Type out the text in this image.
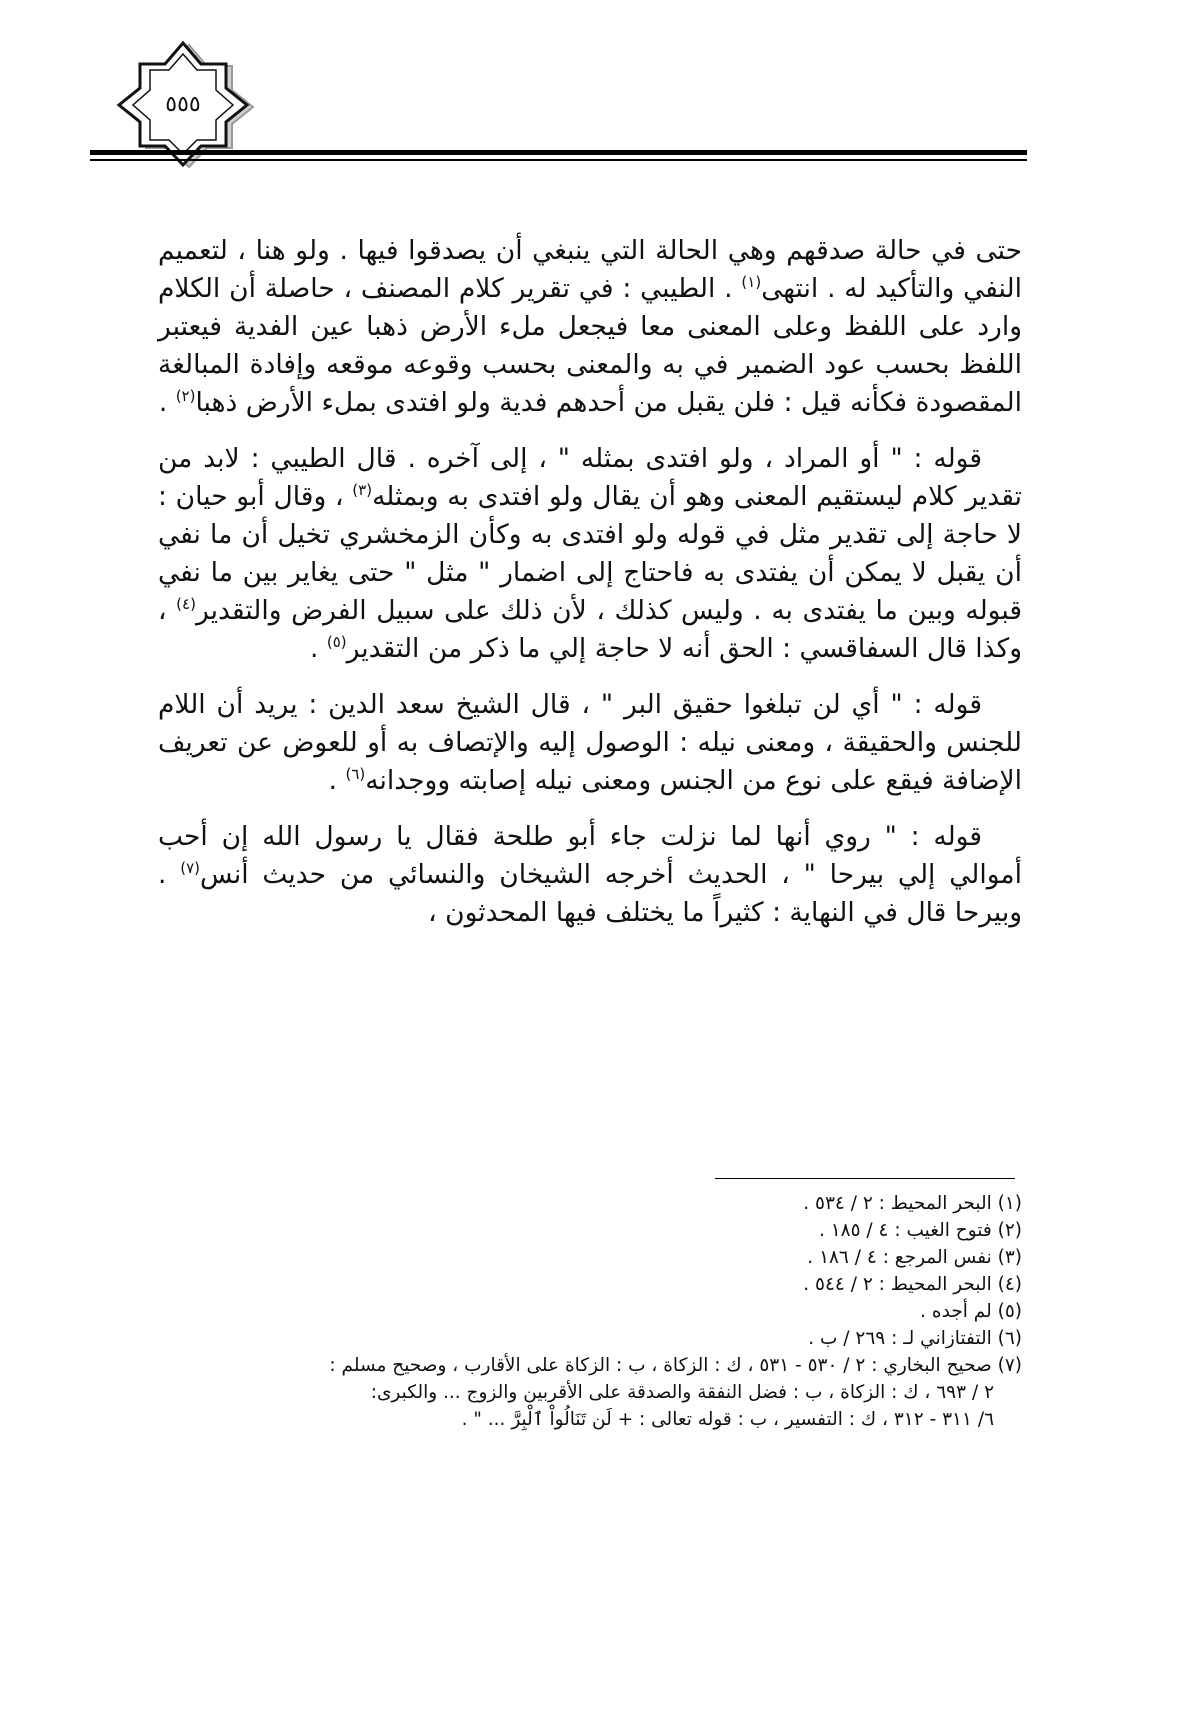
٥٥٥

حتى في حالة صدقهم وهي الحالة التي ينبغي أن يصدقوا فيها . ولو هنا ، لتعميم النفي والتأكيد له . انتهى$^{(١)}$ . الطيبي : في تقرير كلام المصنف ، حاصلة أن الكلام وارد على اللفظ وعلى المعنى معا فيجعل ملء الأرض ذهبا عين الفدية فيعتبر اللفظ بحسب عود الضمير في به والمعنى بحسب وقوعه موقعه وإفادة المبالغة المقصودة فكأنه قيل : فلن يقبل من أحدهم فدية ولو افتدى بملء الأرض ذهبا$^{(٢)}$ .

قوله : " أو المراد ، ولو افتدى بمثله " ، إلى آخره . قال الطيبي : لابد من تقدير كلام ليستقيم المعنى وهو أن يقال ولو افتدى به وبمثله$^{(٣)}$ ، وقال أبو حيان : لا حاجة إلى تقدير مثل في قوله ولو افتدى به وكأن الزمخشري تخيل أن ما نفي أن يقبل لا يمكن أن يفتدى به فاحتاج إلى اضمار " مثل " حتى يغاير بين ما نفي قبوله وبين ما يفتدى به . وليس كذلك ، لأن ذلك على سبيل الفرض والتقدير$^{(٤)}$ ، وكذا قال السفاقسي : الحق أنه لا حاجة إلي ما ذكر من التقدير$^{(٥)}$ .

قوله : " أي لن تبلغوا حقيق البر " ، قال الشيخ سعد الدين : يريد أن اللام للجنس والحقيقة ، ومعنى نيله : الوصول إليه والإتصاف به أو للعوض عن تعريف الإضافة فيقع على نوع من الجنس ومعنى نيله إصابته ووجدانه$^{(٦)}$ .

قوله : " روي أنها لما نزلت جاء أبو طلحة فقال يا رسول الله إن أحب أموالي إلي بيرحا " ، الحديث أخرجه الشيخان والنسائي من حديث أنس$^{(٧)}$ . وبيرحا قال في النهاية : كثيراً ما يختلف فيها المحدثون ،

(١) البحر المحيط : ٢ / ٥٣٤ .

(٢) فتوح الغيب : ٤ / ١٨٥ .

(٣) نفس المرجع : ٤ / ١٨٦ .

(٤) البحر المحيط : ٢ / ٥٤٤ .

(٥) لم أجده .

(٦) التفتازاني لـ : ٢٦٩ / ب .

(٧) صحيح البخاري : ٢ / ٥٣٠ - ٥٣١ ، ك : الزكاة ، ب : الزكاة على الأقارب ، وصحيح مسلم :

٢ / ٦٩٣ ، ك : الزكاة ، ب : فضل النفقة والصدقة على الأقربين والزوج ... والكبرى:

٦/ ٣١١ - ٣١٢ ، ك : التفسير ، ب : قوله تعالى : + لَن تَنَالُواْ ٱلْبِرَّ ... " .
